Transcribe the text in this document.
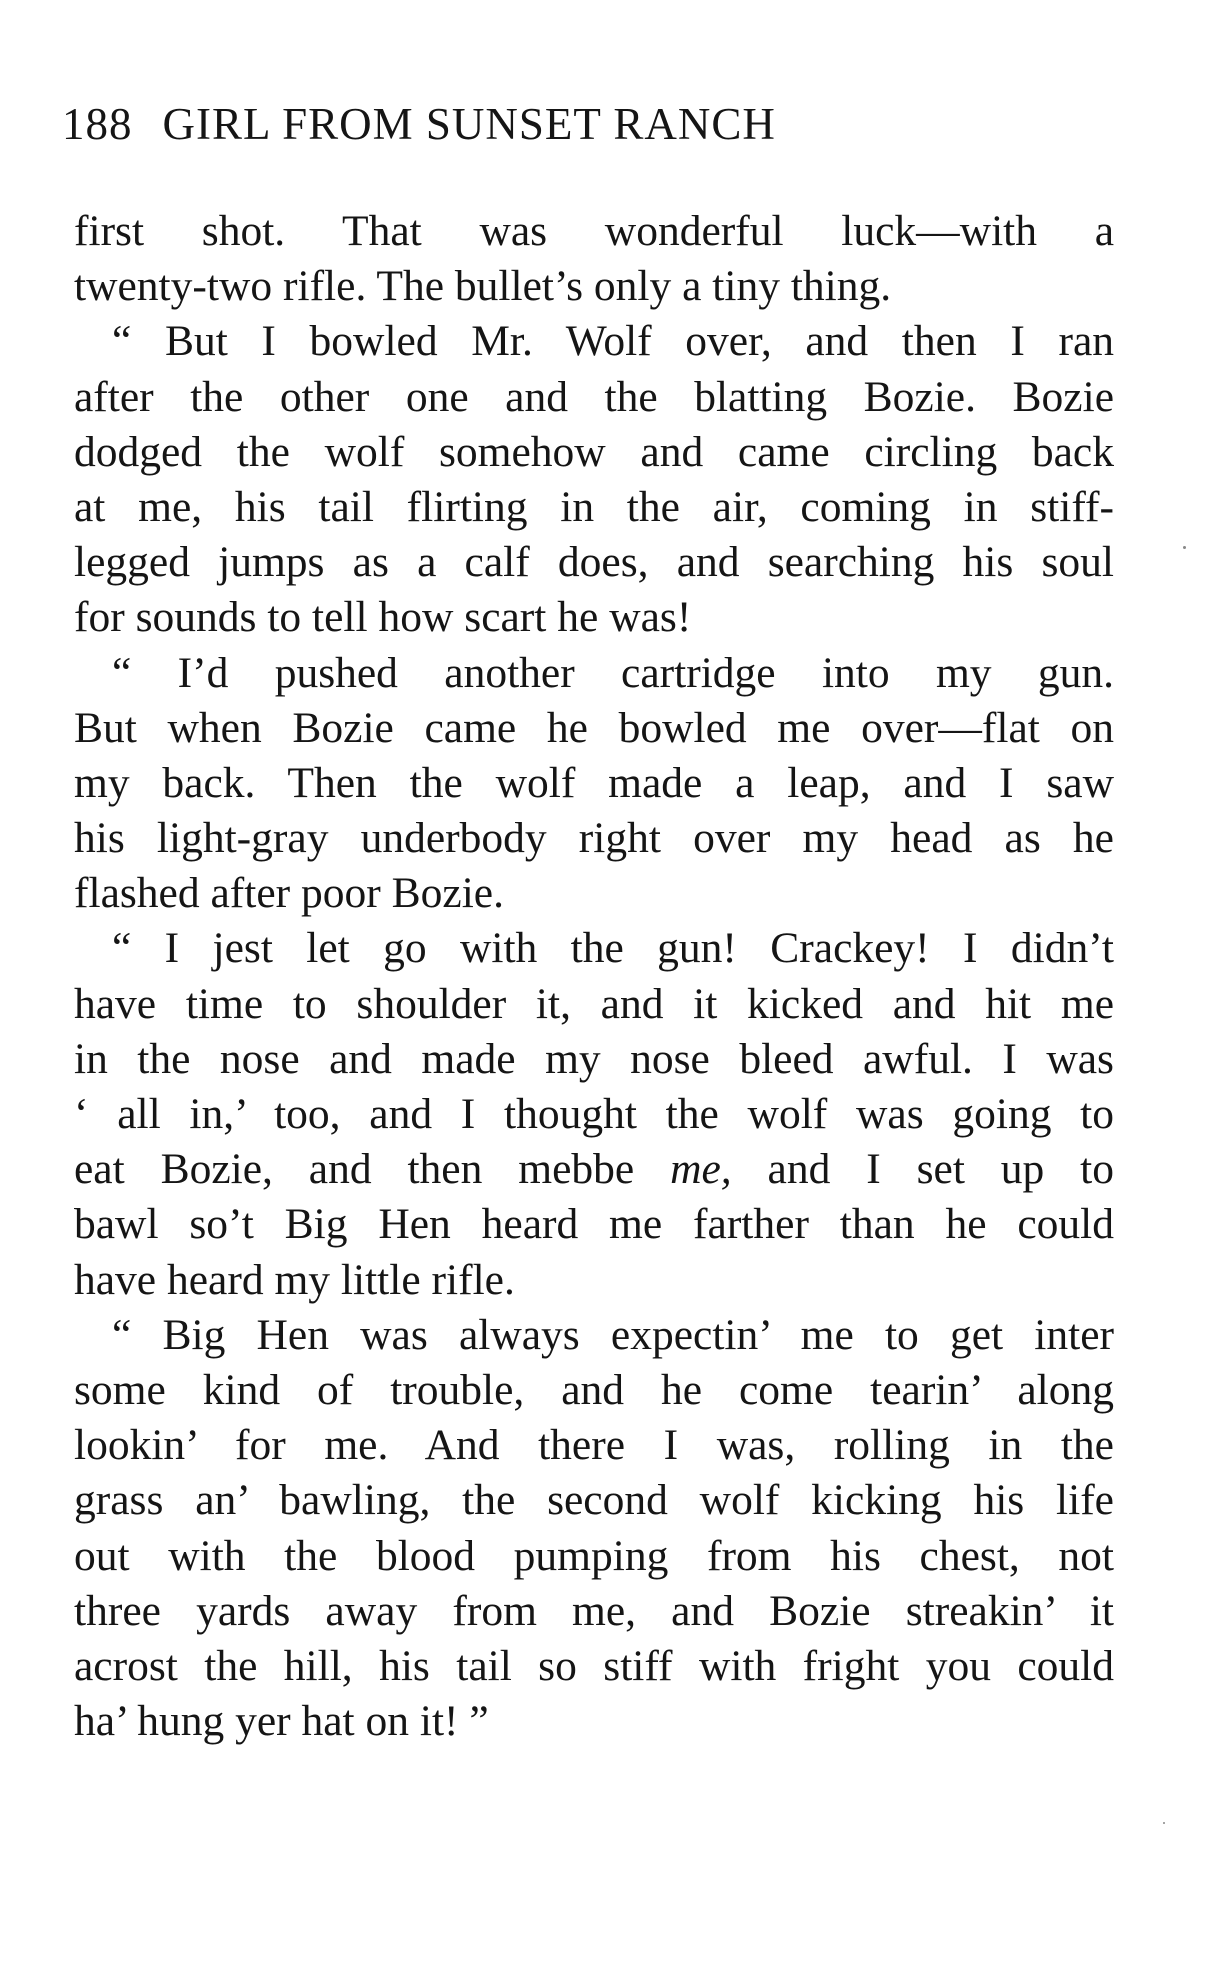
188 GIRL FROM SUNSET RANCH
first shot. That was wonderful luck—with a
twenty-two rifle. The bullet’s only a tiny thing.
“ But I bowled Mr. Wolf over, and then I ran
after the other one and the blatting Bozie. Bozie
dodged the wolf somehow and came circling back
at me, his tail flirting in the air, coming in stiff-
legged jumps as a calf does, and searching his soul
for sounds to tell how scart he was!
“ I’d pushed another cartridge into my gun.
But when Bozie came he bowled me over—flat on
my back. Then the wolf made a leap, and I saw
his light-gray underbody right over my head as he
flashed after poor Bozie.
“ I jest let go with the gun! Crackey! I didn’t
have time to shoulder it, and it kicked and hit me
in the nose and made my nose bleed awful. I was
‘ all in,’ too, and I thought the wolf was going to
eat Bozie, and then mebbe me, and I set up to
bawl so’t Big Hen heard me farther than he could
have heard my little rifle.
“ Big Hen was always expectin’ me to get inter
some kind of trouble, and he come tearin’ along
lookin’ for me. And there I was, rolling in the
grass an’ bawling, the second wolf kicking his life
out with the blood pumping from his chest, not
three yards away from me, and Bozie streakin’ it
acrost the hill, his tail so stiff with fright you could
ha’ hung yer hat on it! ”
